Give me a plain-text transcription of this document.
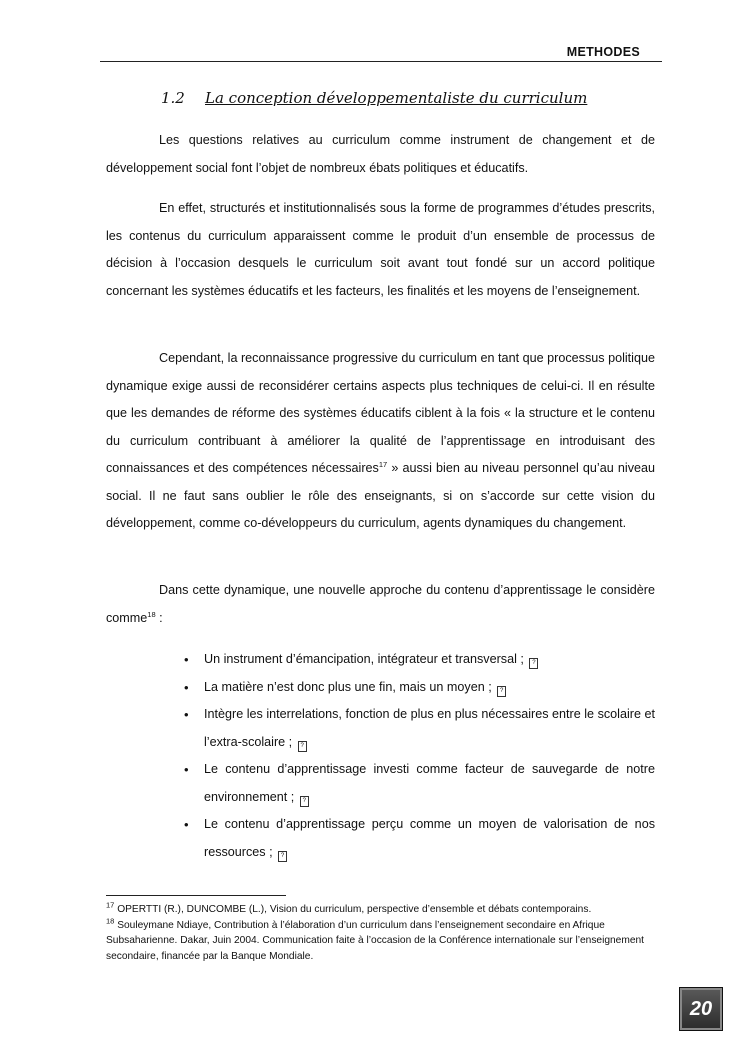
METHODES
1.2 La conception développementaliste du curriculum

Les questions relatives au curriculum comme instrument de changement et de développement social font l’objet de nombreux ébats politiques et éducatifs.

En effet, structurés et institutionnalisés sous la forme de programmes d’études prescrits, les contenus du curriculum apparaissent comme le produit d’un ensemble de processus de décision à l’occasion desquels le curriculum soit avant tout fondé sur un accord politique concernant les systèmes éducatifs et les facteurs, les finalités et les moyens de l’enseignement.

Cependant, la reconnaissance progressive du curriculum en tant que processus politique dynamique exige aussi de reconsidérer certains aspects plus techniques de celui-ci. Il en résulte que les demandes de réforme des systèmes éducatifs ciblent à la fois « la structure et le contenu du curriculum contribuant à améliorer la qualité de l’apprentissage en introduisant des connaissances et des compétences nécessaires$^{17}$ » aussi bien au niveau personnel qu’au niveau social. Il ne faut sans oublier le rôle des enseignants, si on s’accorde sur cette vision du développement, comme co-développeurs du curriculum, agents dynamiques du changement.

Dans cette dynamique, une nouvelle approche du contenu d’apprentissage le considère comme$^{18}$ :

• Un instrument d’émancipation, intégrateur et transversal ; ?
• La matière n’est donc plus une fin, mais un moyen ; ?
• Intègre les interrelations, fonction de plus en plus nécessaires entre le scolaire et l’extra-scolaire ; ?
• Le contenu d’apprentissage investi comme facteur de sauvegarde de notre environnement ; ?
• Le contenu d’apprentissage perçu comme un moyen de valorisation de nos ressources ; ?

$^{17}$ OPERTTI (R.), DUNCOMBE (L.), Vision du curriculum, perspective d’ensemble et débats contemporains.

$^{18}$ Souleymane Ndiaye, Contribution à l’élaboration d’un curriculum dans l’enseignement secondaire en Afrique Subsaharienne. Dakar, Juin 2004. Communication faite à l’occasion de la Conférence internationale sur l’enseignement secondaire, financée par la Banque Mondiale.

20
